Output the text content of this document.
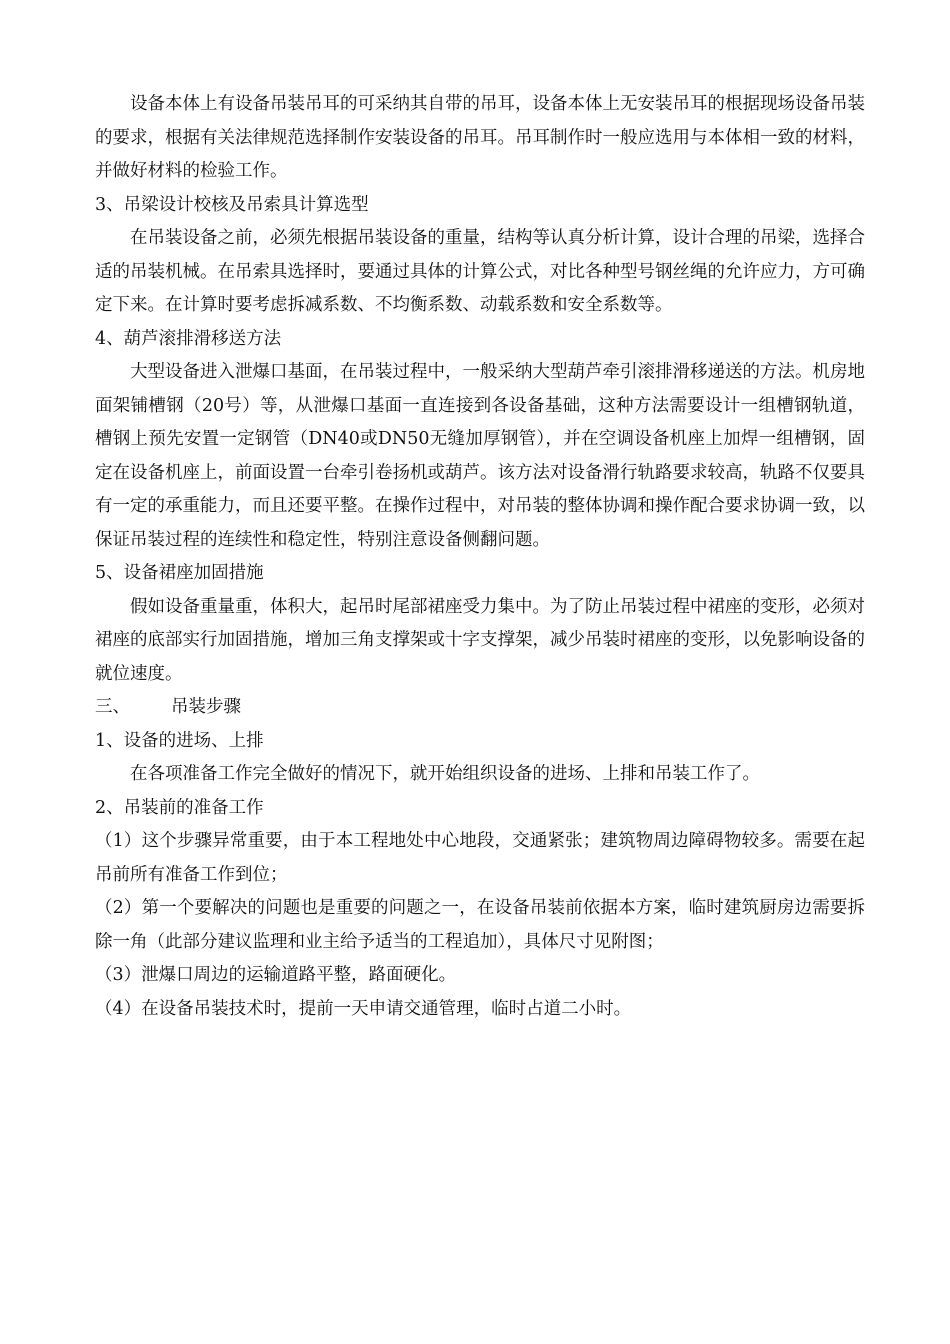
设备本体上有设备吊装吊耳的可采纳其自带的吊耳，设备本体上无安装吊耳的根据现场设备吊装的要求，根据有关法律规范选择制作安装设备的吊耳。吊耳制作时一般应选用与本体相一致的材料，并做好材料的检验工作。

3、吊梁设计校核及吊索具计算选型

在吊装设备之前，必须先根据吊装设备的重量，结构等认真分析计算，设计合理的吊梁，选择合适的吊装机械。在吊索具选择时，要通过具体的计算公式，对比各种型号钢丝绳的允许应力，方可确定下来。在计算时要考虑拆减系数、不均衡系数、动载系数和安全系数等。

4、葫芦滚排滑移送方法

大型设备进入泄爆口基面，在吊装过程中，一般采纳大型葫芦牵引滚排滑移递送的方法。机房地面架铺槽钢（20号）等，从泄爆口基面一直连接到各设备基础，这种方法需要设计一组槽钢轨道，槽钢上预先安置一定钢管（DN40或DN50无缝加厚钢管），并在空调设备机座上加焊一组槽钢，固定在设备机座上，前面设置一台牵引卷扬机或葫芦。该方法对设备滑行轨路要求较高，轨路不仅要具有一定的承重能力，而且还要平整。在操作过程中，对吊装的整体协调和操作配合要求协调一致，以保证吊装过程的连续性和稳定性，特别注意设备侧翻问题。

5、设备裙座加固措施

假如设备重量重，体积大，起吊时尾部裙座受力集中。为了防止吊装过程中裙座的变形，必须对裙座的底部实行加固措施，增加三角支撑架或十字支撑架，减少吊装时裙座的变形，以免影响设备的就位速度。

三、 吊装步骤

1、设备的进场、上排

在各项准备工作完全做好的情况下，就开始组织设备的进场、上排和吊装工作了。

2、吊装前的准备工作

（1）这个步骤异常重要，由于本工程地处中心地段，交通紧张；建筑物周边障碍物较多。需要在起吊前所有准备工作到位；

（2）第一个要解决的问题也是重要的问题之一，在设备吊装前依据本方案，临时建筑厨房边需要拆除一角（此部分建议监理和业主给予适当的工程追加），具体尺寸见附图；

（3）泄爆口周边的运输道路平整，路面硬化。

（4）在设备吊装技术时，提前一天申请交通管理，临时占道二小时。
